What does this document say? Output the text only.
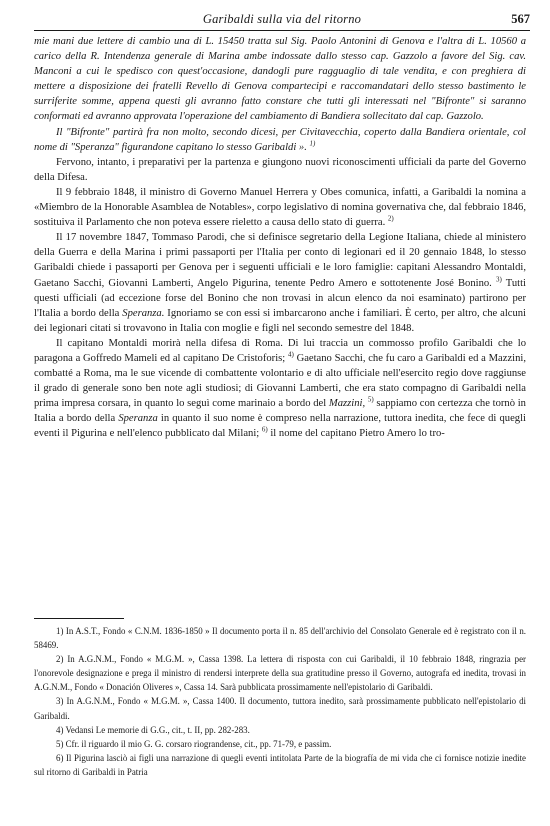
Garibaldi sulla via del ritorno	567

mie mani due lettere di cambio una di L. 15450 tratta sul Sig. Paolo Antonini di Genova e l'altra di L. 10560 a carico della R. Intendenza generale di Marina ambe indossate dallo stesso cap. Gazzolo a favore del Sig. cav. Manconi a cui le spedisco con quest'occasione, dandogli pure ragguaglio di tale vendita, e con preghiera di mettere a disposizione dei fratelli Revello di Genova compartecipi e raccomandatari dello stesso bastimento le surriferite somme, appena questi gli avranno fatto constare che tutti gli interessati nel "Bifronte" si saranno conformati ed avranno approvata l'operazione del cambiamento di Bandiera sollecitato dal cap. Gazzolo.

Il "Bifronte" partirà fra non molto, secondo dicesi, per Civitavecchia, coperto dalla Bandiera orientale, col nome di "Speranza" figurandone capitano lo stesso Garibaldi ». $^{1)}$

Fervono, intanto, i preparativi per la partenza e giungono nuovi riconoscimenti ufficiali da parte del Governo della Difesa.

Il 9 febbraio 1848, il ministro di Governo Manuel Herrera y Obes comunica, infatti, a Garibaldi la nomina a «Miembro de la Honorable Asamblea de Notables», corpo legislativo di nomina governativa che, dal febbraio 1846, sostituiva il Parlamento che non poteva essere rieletto a causa dello stato di guerra. $^{2)}$

Il 17 novembre 1847, Tommaso Parodi, che si definisce segretario della Legione Italiana, chiede al ministero della Guerra e della Marina i primi passaporti per l'Italia per conto di legionari ed il 20 gennaio 1848, lo stesso Garibaldi chiede i passaporti per Genova per i seguenti ufficiali e le loro famiglie: capitani Alessandro Montaldi, Gaetano Sacchi, Giovanni Lamberti, Angelo Pigurina, tenente Pedro Amero e sottotenente José Bonino. $^{3)}$ Tutti questi ufficiali (ad eccezione forse del Bonino che non trovasi in alcun elenco da noi esaminato) partirono per l'Italia a bordo della Speranza. Ignoriamo se con essi si imbarcarono anche i familiari. È certo, per altro, che alcuni dei legionari citati si trovavono in Italia con moglie e figli nel secondo semestre del 1848.

Il capitano Montaldi morirà nella difesa di Roma. Di lui traccia un commosso profilo Garibaldi che lo paragona a Goffredo Mameli ed al capitano De Cristoforis; $^{4)}$ Gaetano Sacchi, che fu caro a Garibaldi ed a Mazzini, combatté a Roma, ma le sue vicende di combattente volontario e di alto ufficiale nell'esercito regio dove raggiunse il grado di generale sono ben note agli studiosi; di Giovanni Lamberti, che era stato compagno di Garibaldi nella prima impresa corsara, in quanto lo seguì come marinaio a bordo del Mazzini, $^{5)}$ sappiamo con certezza che tornò in Italia a bordo della Speranza in quanto il suo nome è compreso nella narrazione, tuttora inedita, che fece di quegli eventi il Pigurina e nell'elenco pubblicato dal Milani; $^{6)}$ il nome del capitano Pietro Amero lo tro-

1) In A.S.T., Fondo « C.N.M. 1836-1850 » Il documento porta il n. 85 dell'archivio del Consolato Generale ed è registrato con il n. 58469.

2) In A.G.N.M., Fondo « M.G.M. », Cassa 1398. La lettera di risposta con cui Garibaldi, il 10 febbraio 1848, ringrazia per l'onorevole designazione e prega il ministro di rendersi interprete della sua gratitudine presso il Governo, autografa ed inedita, trovasi in A.G.N.M., Fondo « Donación Oliveres », Cassa 14. Sarà pubblicata prossimamente nell'epistolario di Garibaldi.

3) In A.G.N.M., Fondo « M.G.M. », Cassa 1400. Il documento, tuttora inedito, sarà prossimamente pubblicato nell'epistolario di Garibaldi.

4) Vedansi Le memorie di G.G., cit., t. II, pp. 282-283.

5) Cfr. il riguardo il mio G. G. corsaro riograndense, cit., pp. 71-79, e passim.

6) Il Pigurina lasciò ai figli una narrazione di quegli eventi intitolata Parte de la biografía de mi vida che ci fornisce notizie inedite sul ritorno di Garibaldi in Patria
